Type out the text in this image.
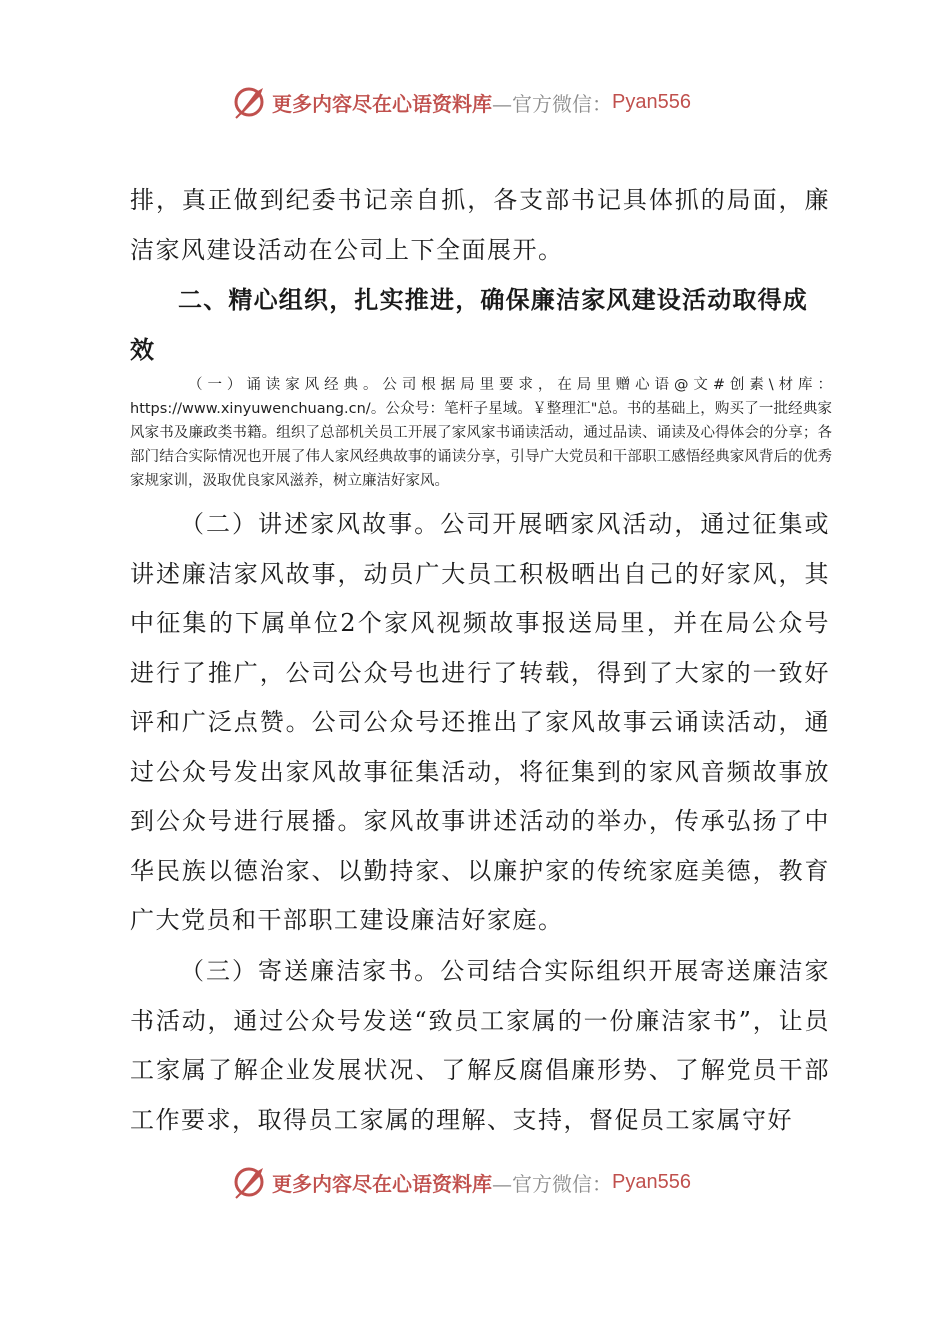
更多内容尽在心语资料库 —官方微信： Pyan556

排，真正做到纪委书记亲自抓，各支部书记具体抓的局面，廉洁家风建设活动在公司上下全面展开。

二、精心组织，扎实推进，确保廉洁家风建设活动取得成效

（一）诵读家风经典。公司根据局里要求，在局里赠心语@文#创素\材库：https://www.xinyuwenchuang.cn/。公众号：笔杆子星域。￥整理汇"总。书的基础上，购买了一批经典家风家书及廉政类书籍。组织了总部机关员工开展了家风家书诵读活动，通过品读、诵读及心得体会的分享；各部门结合实际情况也开展了伟人家风经典故事的诵读分享，引导广大党员和干部职工感悟经典家风背后的优秀家规家训，汲取优良家风滋养，树立廉洁好家风。

（二）讲述家风故事。公司开展晒家风活动，通过征集或讲述廉洁家风故事，动员广大员工积极晒出自己的好家风，其中征集的下属单位2个家风视频故事报送局里，并在局公众号进行了推广，公司公众号也进行了转载，得到了大家的一致好评和广泛点赞。公司公众号还推出了家风故事云诵读活动，通过公众号发出家风故事征集活动，将征集到的家风音频故事放到公众号进行展播。家风故事讲述活动的举办，传承弘扬了中华民族以德治家、以勤持家、以廉护家的传统家庭美德，教育广大党员和干部职工建设廉洁好家庭。

（三）寄送廉洁家书。公司结合实际组织开展寄送廉洁家书活动，通过公众号发送“致员工家属的一份廉洁家书”，让员工家属了解企业发展状况、了解反腐倡廉形势、了解党员干部工作要求，取得员工家属的理解、支持，督促员工家属守好

更多内容尽在心语资料库 —官方微信： Pyan556
